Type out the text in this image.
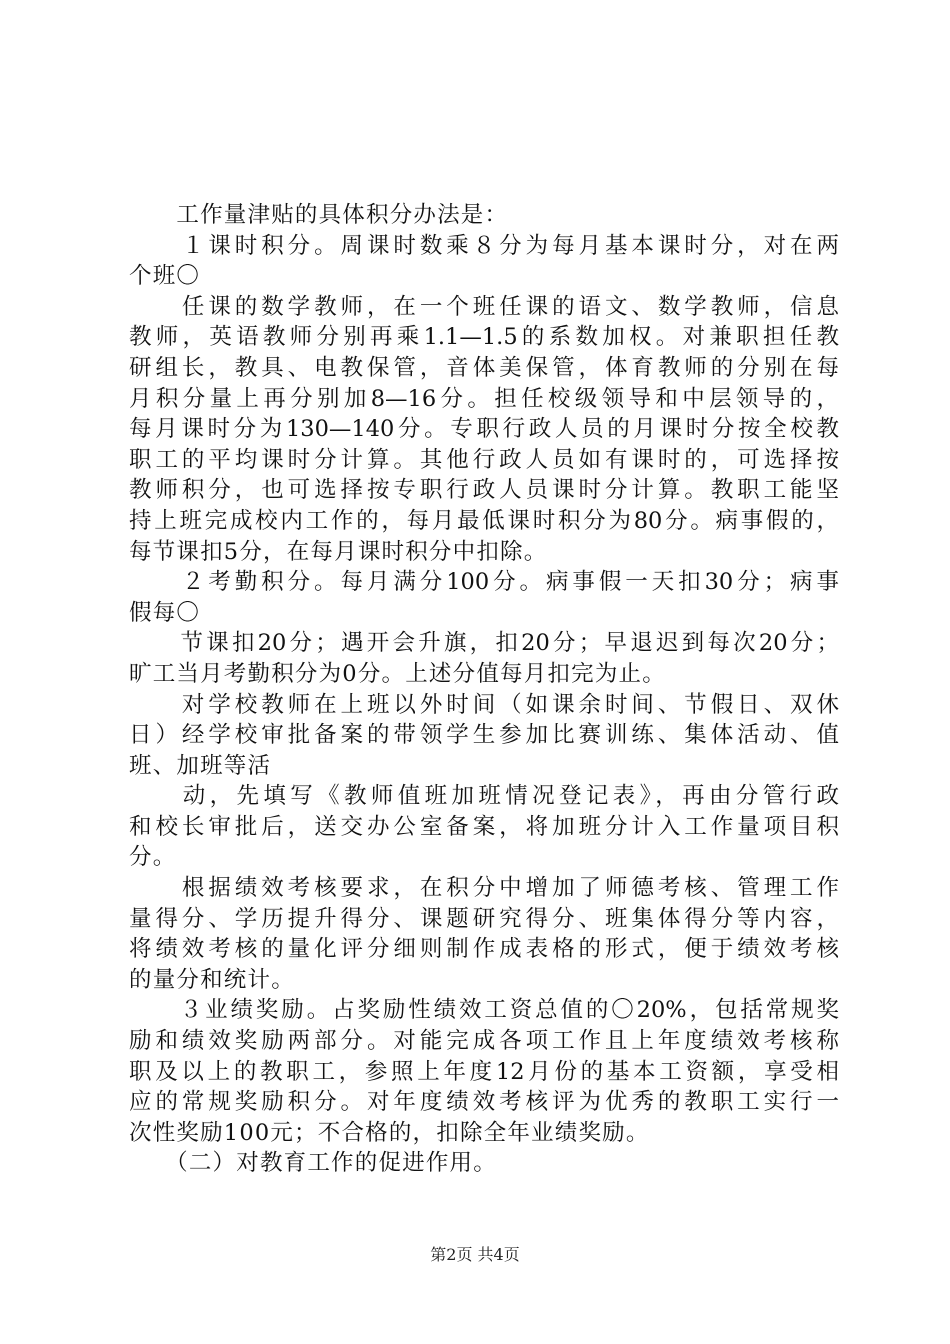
　　工作量津贴的具体积分办法是：
　　１课时积分。周课时数乘８分为每月基本课时分，对在两
个班〇
　　任课的数学教师，在一个班任课的语文、数学教师，信息
教师，英语教师分别再乘1.1—1.5的系数加权。对兼职担任教
研组长，教具、电教保管，音体美保管，体育教师的分别在每
月积分量上再分别加8—16分。担任校级领导和中层领导的，
每月课时分为130—140分。专职行政人员的月课时分按全校教
职工的平均课时分计算。其他行政人员如有课时的，可选择按
教师积分，也可选择按专职行政人员课时分计算。教职工能坚
持上班完成校内工作的，每月最低课时积分为80分。病事假的，
每节课扣5分，在每月课时积分中扣除。
　　２考勤积分。每月满分100分。病事假一天扣30分；病事
假每〇
　　节课扣20分；遇开会升旗，扣20分；早退迟到每次20分；
旷工当月考勤积分为0分。上述分值每月扣完为止。
　　对学校教师在上班以外时间（如课余时间、节假日、双休
日）经学校审批备案的带领学生参加比赛训练、集体活动、值
班、加班等活
　　动，先填写《教师值班加班情况登记表》，再由分管行政
和校长审批后，送交办公室备案，将加班分计入工作量项目积
分。
　　根据绩效考核要求，在积分中增加了师德考核、管理工作
量得分、学历提升得分、课题研究得分、班集体得分等内容，
将绩效考核的量化评分细则制作成表格的形式，便于绩效考核
的量分和统计。
　　３业绩奖励。占奖励性绩效工资总值的〇20%，包括常规奖
励和绩效奖励两部分。对能完成各项工作且上年度绩效考核称
职及以上的教职工，参照上年度12月份的基本工资额，享受相
应的常规奖励积分。对年度绩效考核评为优秀的教职工实行一
次性奖励100元；不合格的，扣除全年业绩奖励。
　　（二）对教育工作的促进作用。
第2页 共4页
